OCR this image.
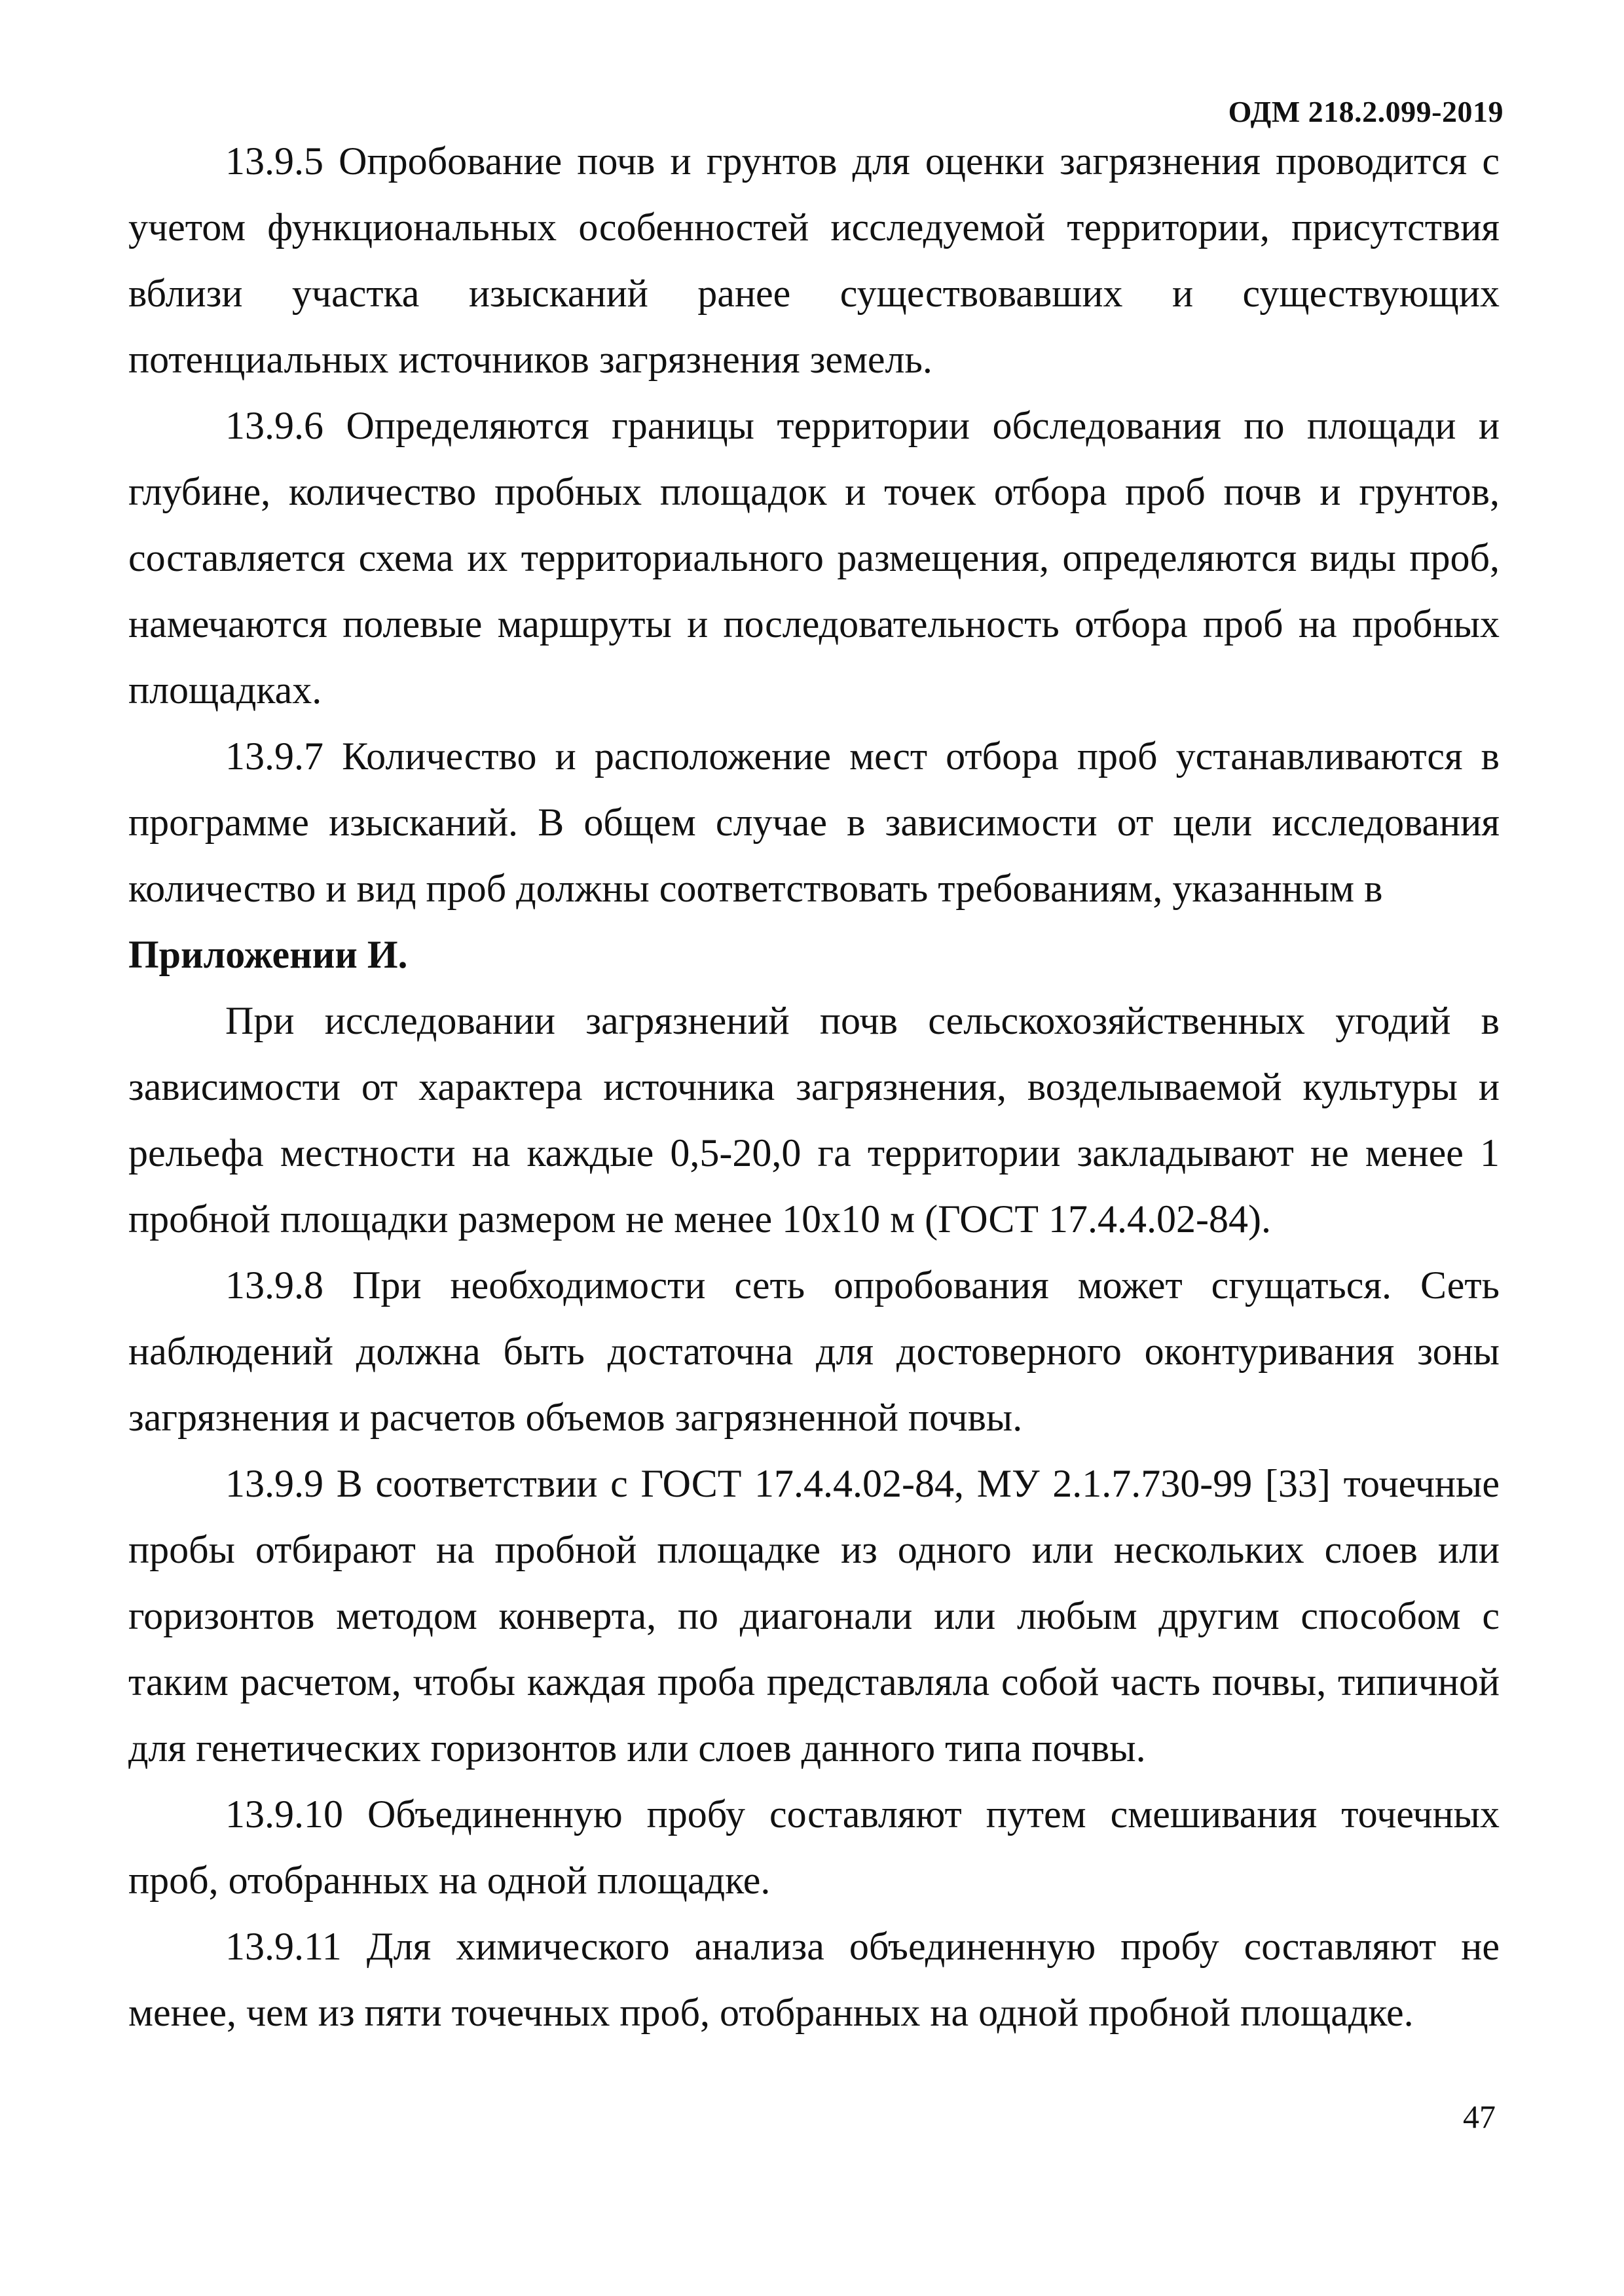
ОДМ 218.2.099-2019

13.9.5 Опробование почв и грунтов для оценки загрязнения проводится с учетом функциональных особенностей исследуемой территории, присутствия вблизи участка изысканий ранее существовавших и существующих потенциальных источников загрязнения земель.

13.9.6 Определяются границы территории обследования по площади и глубине, количество пробных площадок и точек отбора проб почв и грунтов, составляется схема их территориального размещения, определяются виды проб, намечаются полевые маршруты и последовательность отбора проб на пробных площадках.

13.9.7 Количество и расположение мест отбора проб устанавливаются в программе изысканий. В общем случае в зависимости от цели исследования количество и вид проб должны соответствовать требованиям, указанным в

Приложении И.

При исследовании загрязнений почв сельскохозяйственных угодий в зависимости от характера источника загрязнения, возделываемой культуры и рельефа местности на каждые 0,5-20,0 га территории закладывают не менее 1 пробной площадки размером не менее 10x10 м (ГОСТ 17.4.4.02-84).

13.9.8 При необходимости сеть опробования может сгущаться. Сеть наблюдений должна быть достаточна для достоверного оконтуривания зоны загрязнения и расчетов объемов загрязненной почвы.

13.9.9 В соответствии с ГОСТ 17.4.4.02-84, МУ 2.1.7.730-99 [33] точечные пробы отбирают на пробной площадке из одного или нескольких слоев или горизонтов методом конверта, по диагонали или любым другим способом с таким расчетом, чтобы каждая проба представляла собой часть почвы, типичной для генетических горизонтов или слоев данного типа почвы.

13.9.10 Объединенную пробу составляют путем смешивания точечных проб, отобранных на одной площадке.

13.9.11 Для химического анализа объединенную пробу составляют не менее, чем из пяти точечных проб, отобранных на одной пробной площадке.

47
